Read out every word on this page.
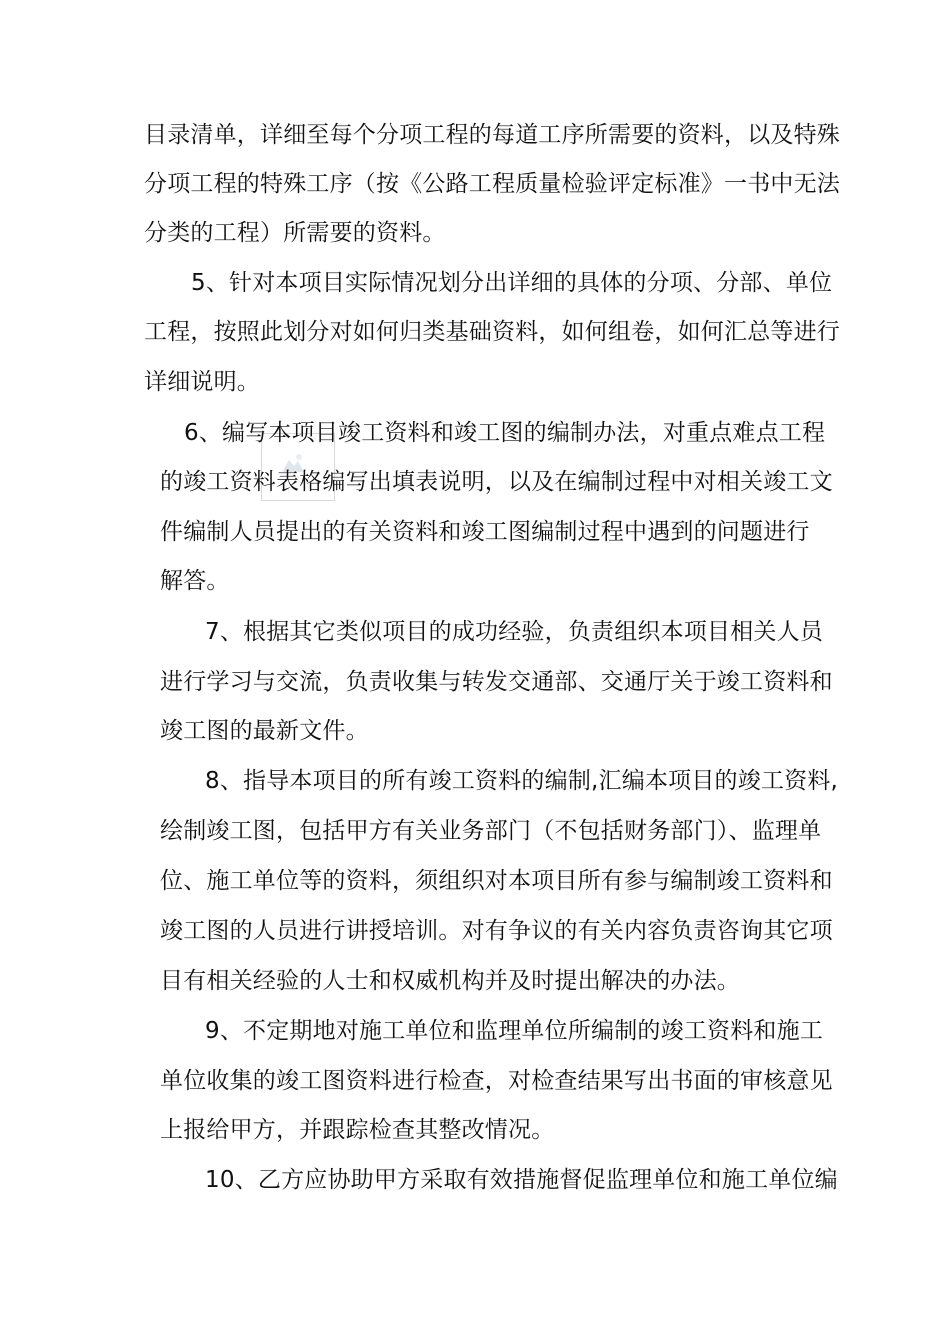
目录清单，详细至每个分项工程的每道工序所需要的资料，以及特殊
分项工程的特殊工序（按《公路工程质量检验评定标准》一书中无法
分类的工程）所需要的资料。
5、针对本项目实际情况划分出详细的具体的分项、分部、单位
工程，按照此划分对如何归类基础资料，如何组卷，如何汇总等进行
详细说明。
6、编写本项目竣工资料和竣工图的编制办法，对重点难点工程
的竣工资料表格编写出填表说明，以及在编制过程中对相关竣工文
件编制人员提出的有关资料和竣工图编制过程中遇到的问题进行
解答。
7、根据其它类似项目的成功经验，负责组织本项目相关人员
进行学习与交流，负责收集与转发交通部、交通厅关于竣工资料和
竣工图的最新文件。
8、指导本项目的所有竣工资料的编制,汇编本项目的竣工资料,
绘制竣工图，包括甲方有关业务部门（不包括财务部门）、监理单
位、施工单位等的资料，须组织对本项目所有参与编制竣工资料和
竣工图的人员进行讲授培训。对有争议的有关内容负责咨询其它项
目有相关经验的人士和权威机构并及时提出解决的办法。
9、不定期地对施工单位和监理单位所编制的竣工资料和施工
单位收集的竣工图资料进行检查，对检查结果写出书面的审核意见
上报给甲方，并跟踪检查其整改情况。
10、乙方应协助甲方采取有效措施督促监理单位和施工单位编
